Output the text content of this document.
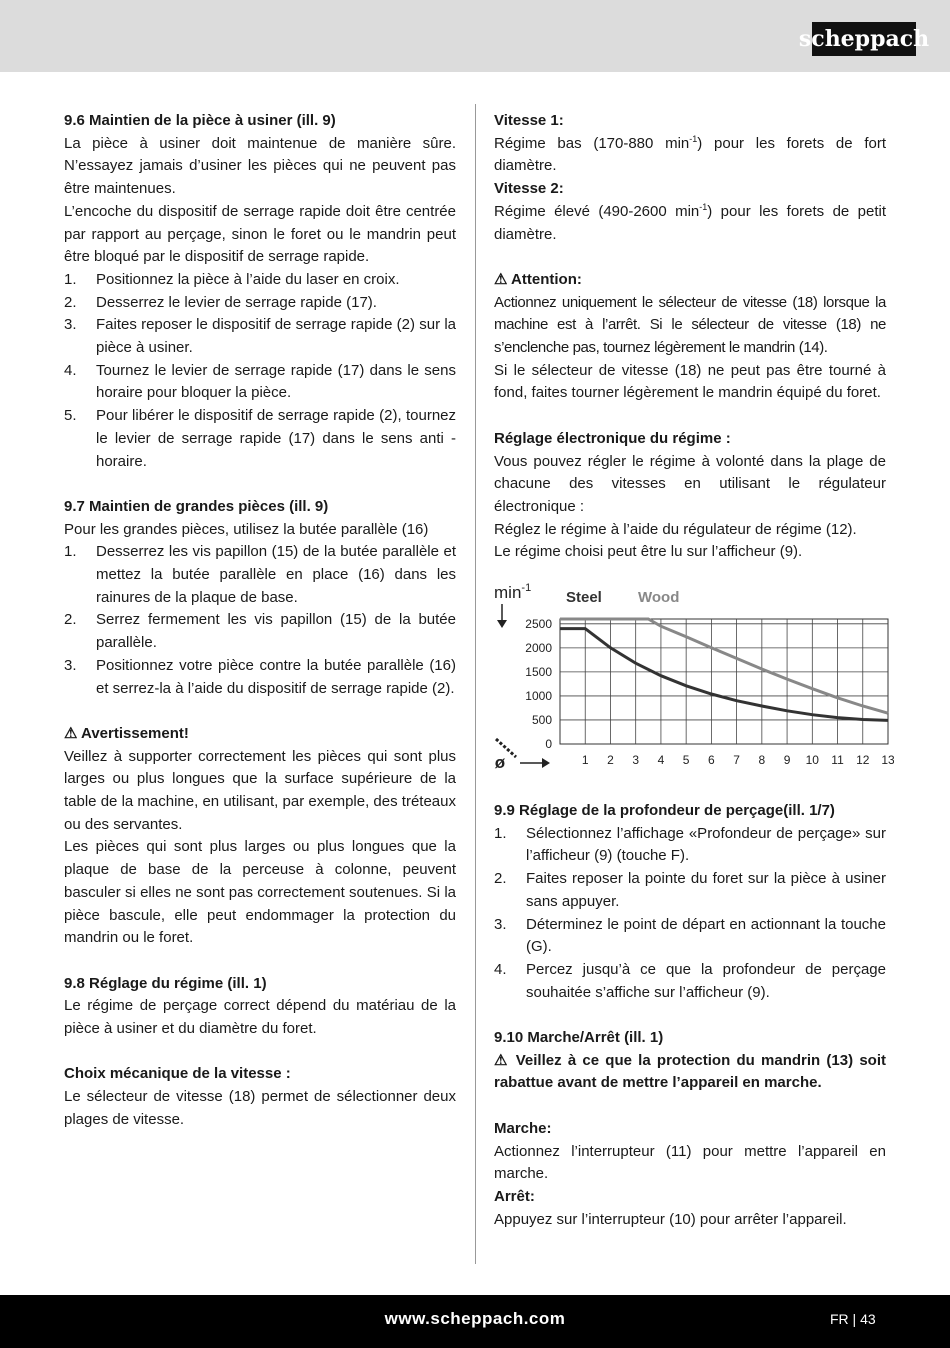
scheppach

9.6 Maintien de la pièce à usiner (ill. 9)

La pièce à usiner doit maintenue de manière sûre. N’essayez jamais d’usiner les pièces qui ne peuvent pas être maintenues.

L’encoche du dispositif de serrage rapide doit être centrée par rapport au perçage, sinon le foret ou le mandrin peut être bloqué par le dispositif de serrage rapide.

1.	Positionnez la pièce à l’aide du laser en croix.
2.	Desserrez le levier de serrage rapide (17).
3.	Faites reposer le dispositif de serrage rapide (2) sur la pièce à usiner.
4.	Tournez le levier de serrage rapide (17) dans le sens horaire pour bloquer la pièce.
5.	Pour libérer le dispositif de serrage rapide (2), tournez le levier de serrage rapide (17) dans le sens anti -horaire.

9.7 Maintien de grandes pièces (ill. 9)

Pour les grandes pièces, utilisez la butée parallèle (16)

1.	Desserrez les vis papillon (15) de la butée parallèle et mettez la butée parallèle en place (16) dans les rainures de la plaque de base.
2.	Serrez fermement les vis papillon (15) de la butée parallèle.
3.	Positionnez votre pièce contre la butée parallèle (16) et serrez-la à l’aide du dispositif de serrage rapide (2).

⚠ Avertissement!

Veillez à supporter correctement les pièces qui sont plus larges ou plus longues que la surface supérieure de la table de la machine, en utilisant, par exemple, des tréteaux ou des servantes.

Les pièces qui sont plus larges ou plus longues que la plaque de base de la perceuse à colonne, peuvent basculer si elles ne sont pas correctement soutenues. Si la pièce bascule, elle peut endommager la protection du mandrin ou le foret.

9.8 Réglage du régime (ill. 1)

Le régime de perçage correct dépend du matériau de la pièce à usiner et du diamètre du foret.

Choix mécanique de la vitesse :

Le sélecteur de vitesse (18) permet de sélectionner deux plages de vitesse.

Vitesse 1:

Régime bas (170-880 $\min^{-1}$) pour les forets de fort diamètre.

Vitesse 2:

Régime élevé (490-2600 $\min^{-1}$) pour les forets de petit diamètre.

⚠ Attention:

Actionnez uniquement le sélecteur de vitesse (18) lorsque la machine est à l’arrêt. Si le sélecteur de vitesse (18) ne s’enclenche pas, tournez légèrement le mandrin (14).

Si le sélecteur de vitesse (18) ne peut pas être tourné à fond, faites tourner légèrement le mandrin équipé du foret.

Réglage électronique du régime :

Vous pouvez régler le régime à volonté dans la plage de chacune des vitesses en utilisant le régulateur électronique :

Réglez le régime à l’aide du régulateur de régime (12).

Le régime choisi peut être lu sur l’afficheur (9).

0
500
1000
1500
2000
2500
1 2 3 4 5 6 7 8 9 10 11 12 13
Steel Wood
$\min^{-1}$
ø

9.9 Réglage de la profondeur de perçage(ill. 1/7)

1.	Sélectionnez l’affichage «Profondeur de perçage» sur l’afficheur (9) (touche F).
2.	Faites reposer la pointe du foret sur la pièce à usiner sans appuyer.
3.	Déterminez le point de départ en actionnant la touche (G).
4.	Percez jusqu’à ce que la profondeur de perçage souhaitée s’affiche sur l’afficheur (9).

9.10 Marche/Arrêt (ill. 1)

⚠ Veillez à ce que la protection du mandrin (13) soit rabattue avant de mettre l’appareil en marche.

Marche:

Actionnez l’interrupteur (11) pour mettre l’appareil en marche.

Arrêt:

Appuyez sur l’interrupteur (10) pour arrêter l’appareil.

www.scheppach.com	FR | 43
